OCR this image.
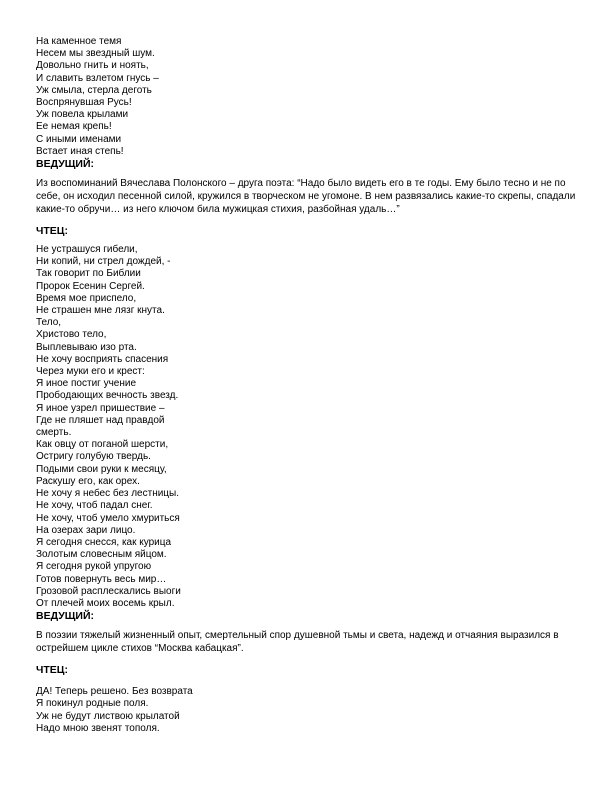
На каменное темя
Несем мы звездный шум.
Довольно гнить и ноять,
И славить взлетом гнусь –
Уж смыла, стерла деготь
Воспрянувшая Русь!
Уж повела крылами
Ее немая крепь!
С иными именами
Встает иная степь!
ВЕДУЩИЙ:
Из воспоминаний Вячеслава Полонского – друга поэта: “Надо было видеть его в те годы. Ему было тесно и не по себе, он исходил песенной силой, кружился в творческом не угомоне. В нем развязались какие-то скрепы, спадали какие-то обручи… из него ключом била мужицкая стихия, разбойная удаль…”
ЧТЕЦ:
Не устрашуся гибели,
Ни копий, ни стрел дождей, -
Так говорит по Библии
Пророк Есенин Сергей.
Время мое приспело,
Не страшен мне лязг кнута.
Тело,
Христово тело,
Выплевываю изо рта.
Не хочу восприять спасения
Через муки его и крест:
Я иное постиг учение
Прободающих вечность звезд.
Я иное узрел пришествие –
Где не пляшет над правдой
смерть.
Как овцу от поганой шерсти,
Остригу голубую твердь.
Подыми свои руки к месяцу,
Раскушу его, как орех.
Не хочу я небес без лестницы.
Не хочу, чтоб падал снег.
Не хочу, чтоб умело хмуриться
На озерах зари лицо.
Я сегодня снесся, как курица
Золотым словесным яйцом.
Я сегодня рукой упругою
Готов повернуть весь мир…
Грозовой расплескались выоги
От плечей моих восемь крыл.
ВЕДУЩИЙ:
В поэзии тяжелый жизненный опыт, смертельный спор душевной тьмы и света, надежд и отчаяния выразился в острейшем цикле стихов “Москва кабацкая”.
ЧТЕЦ:
ДА! Теперь решено. Без возврата
Я покинул родные поля.
Уж не будут листвою крылатой
Надо мною звенят тополя.
